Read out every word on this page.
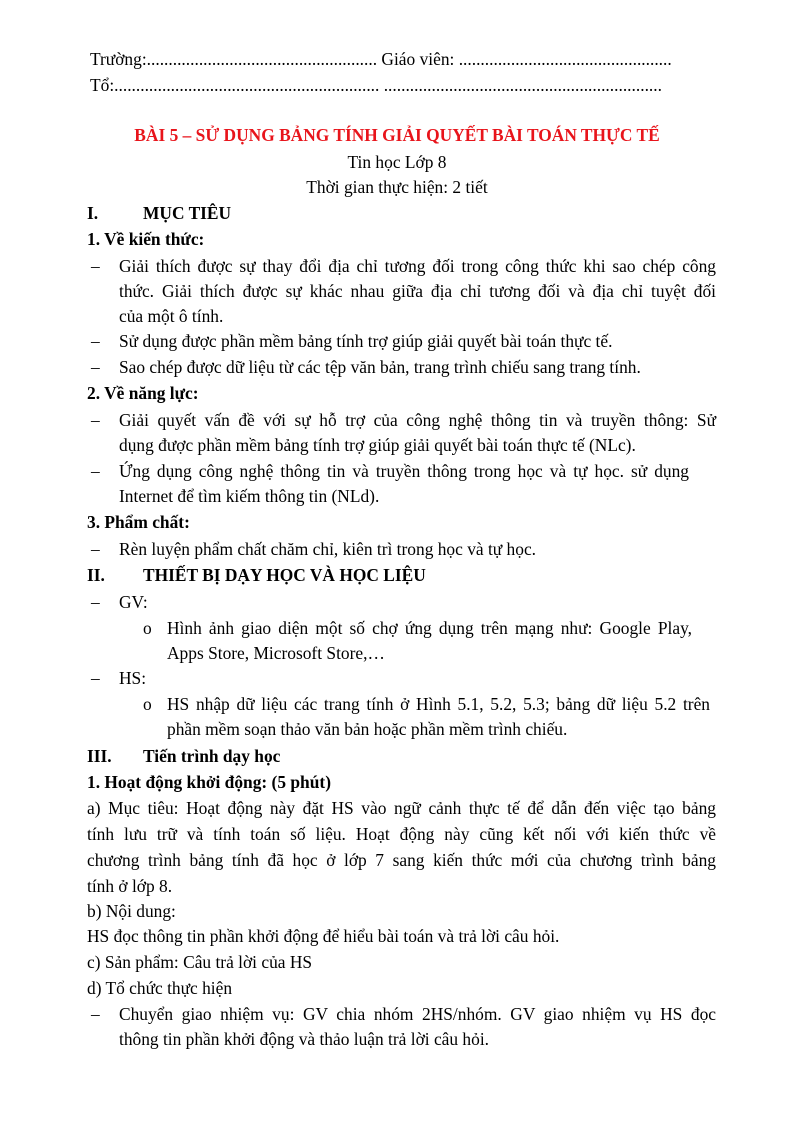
Trường:..................................................... Giáo viên: .................................................
Tổ:............................................................. ................................................................
BÀI 5 – SỬ DỤNG BẢNG TÍNH GIẢI QUYẾT BÀI TOÁN THỰC TẾ
Tin học Lớp 8
Thời gian thực hiện: 2 tiết
I.	MỤC TIÊU
1. Về kiến thức:
– Giải thích được sự thay đổi địa chỉ tương đối trong công thức khi sao chép công
thức. Giải thích được sự khác nhau giữa địa chỉ tương đối và địa chỉ tuyệt đối
của một ô tính.
– Sử dụng được phần mềm bảng tính trợ giúp giải quyết bài toán thực tế.
– Sao chép được dữ liệu từ các tệp văn bản, trang trình chiếu sang trang tính.
2. Về năng lực:
– Giải quyết vấn đề với sự hỗ trợ của công nghệ thông tin và truyền thông: Sử
dụng được phần mềm bảng tính trợ giúp giải quyết bài toán thực tế (NLc).
– Ứng dụng công nghệ thông tin và truyền thông trong học và tự học. sử dụng
Internet để tìm kiếm thông tin (NLd).
3. Phẩm chất:
– Rèn luyện phẩm chất chăm chỉ, kiên trì trong học và tự học.
II. THIẾT BỊ DẠY HỌC VÀ HỌC LIỆU
– GV:
o Hình ảnh giao diện một số chợ ứng dụng trên mạng như: Google Play,
Apps Store, Microsoft Store,…
– HS:
o HS nhập dữ liệu các trang tính ở Hình 5.1, 5.2, 5.3; bảng dữ liệu 5.2 trên
phần mềm soạn thảo văn bản hoặc phần mềm trình chiếu.
III. Tiến trình dạy học
1. Hoạt động khởi động: (5 phút)
a) Mục tiêu: Hoạt động này đặt HS vào ngữ cảnh thực tế để dẫn đến việc tạo bảng
tính lưu trữ và tính toán số liệu. Hoạt động này cũng kết nối với kiến thức về
chương trình bảng tính đã học ở lớp 7 sang kiến thức mới của chương trình bảng
tính ở lớp 8.
b) Nội dung:
HS đọc thông tin phần khởi động để hiểu bài toán và trả lời câu hỏi.
c) Sản phẩm: Câu trả lời của HS
d) Tổ chức thực hiện
– Chuyển giao nhiệm vụ: GV chia nhóm 2HS/nhóm. GV giao nhiệm vụ HS đọc
thông tin phần khởi động và thảo luận trả lời câu hỏi.
